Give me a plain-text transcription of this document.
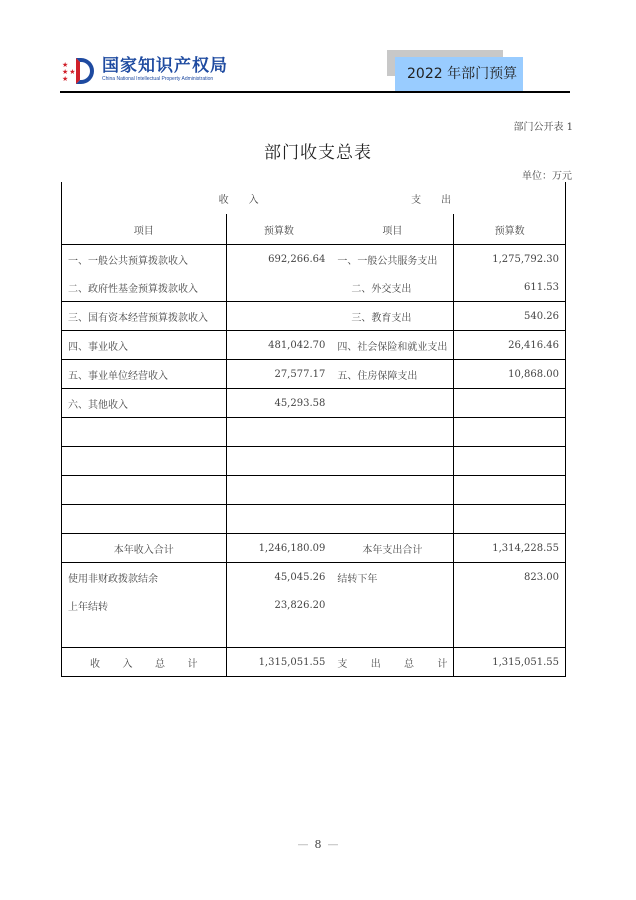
★
★★
★
国家知识产权局
China National Intellectual Property Administration	2022 年部门预算
部门公开表 1
部门收支总表
单位：万元
收　　入		支　　出	
项目	预算数	项目	预算数
一、一般公共预算拨款收入	692,266.64	一、一般公共服务支出	1,275,792.30
二、政府性基金预算拨款收入		二、外交支出	611.53
三、国有资本经营预算拨款收入		三、教育支出	540.26
四、事业收入	481,042.70	四、社会保险和就业支出	26,416.46
五、事业单位经营收入	27,577.17	五、住房保障支出	10,868.00
六、其他收入	45,293.58		

本年收入合计	1,246,180.09	本年支出合计	1,314,228.55
使用非财政拨款结余	45,045.26	结转下年	823.00
上年结转	23,826.20		

收 入 总 计	1,315,051.55	支 出 总 计	1,315,051.55
— 8 —
